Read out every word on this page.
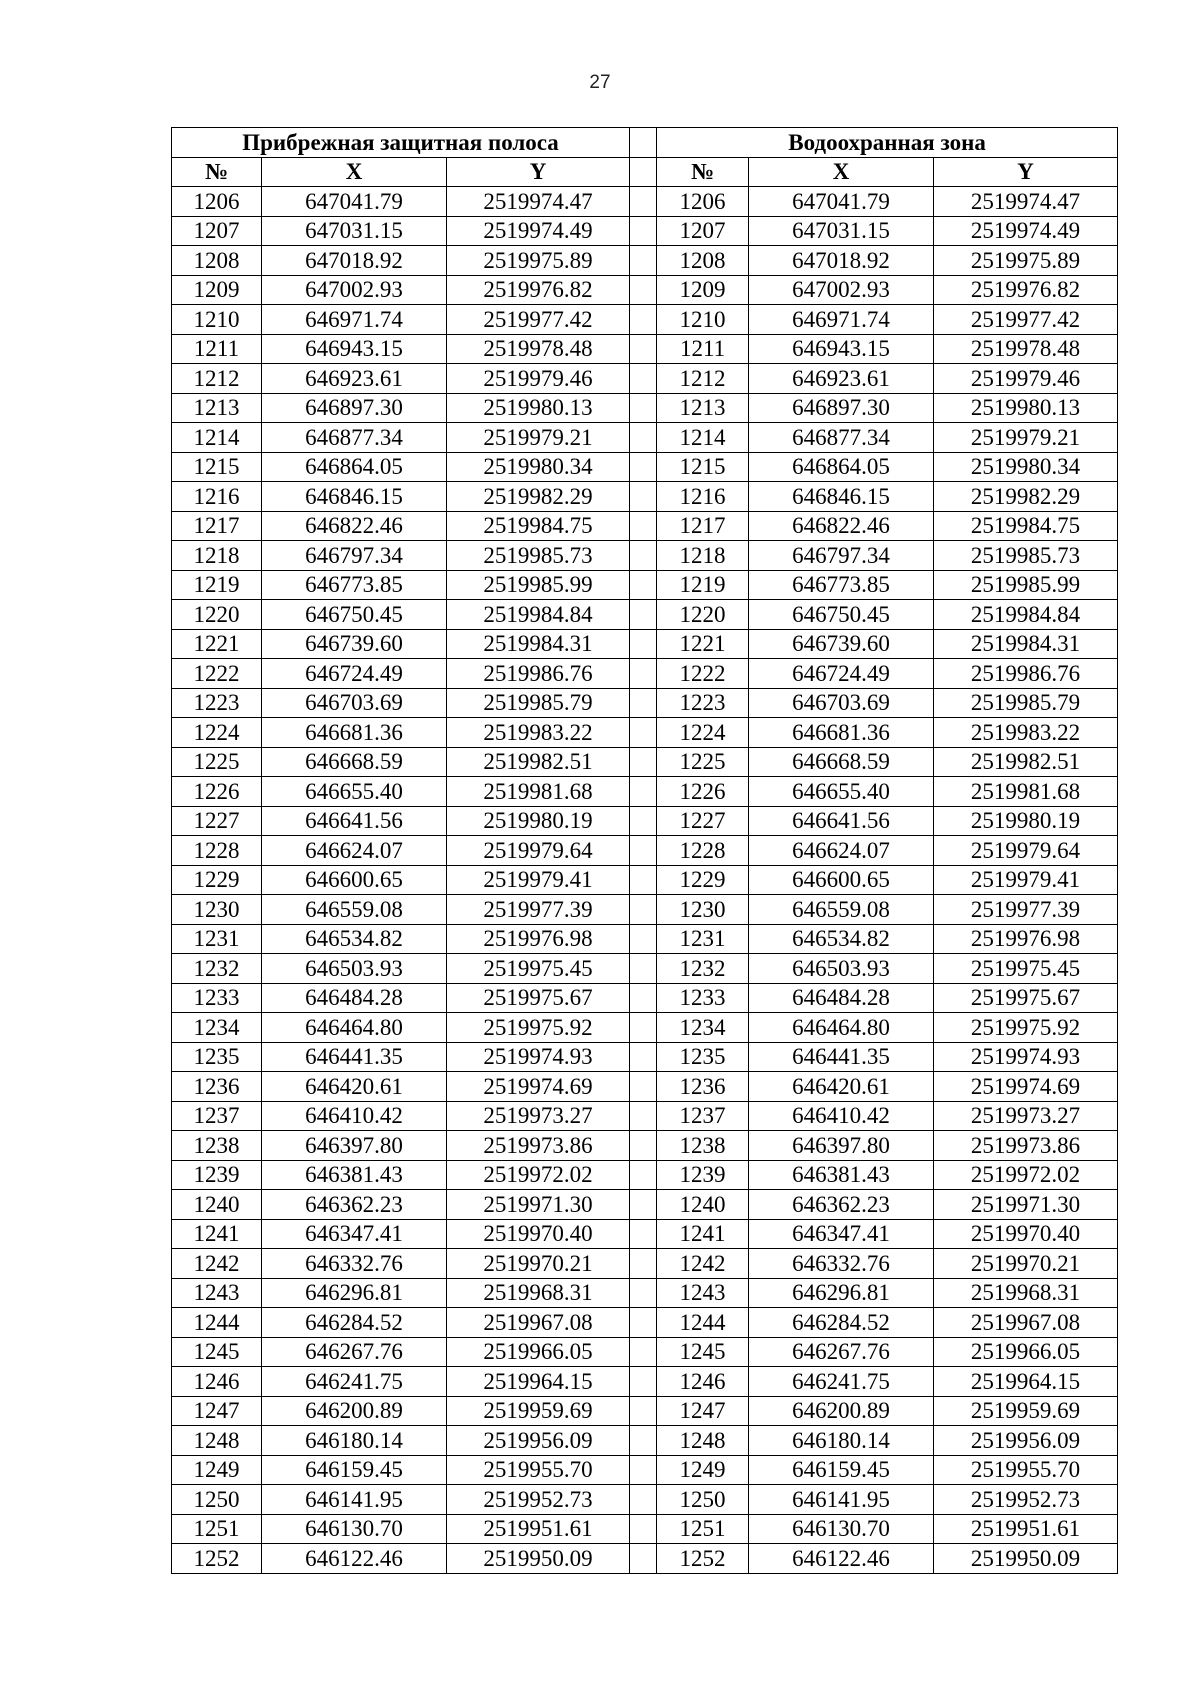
27
Прибрежная защитная полоса				Водоохранная зона		
№	X	Y		№	X	Y
1206	647041.79	2519974.47		1206	647041.79	2519974.47
1207	647031.15	2519974.49		1207	647031.15	2519974.49
1208	647018.92	2519975.89		1208	647018.92	2519975.89
1209	647002.93	2519976.82		1209	647002.93	2519976.82
1210	646971.74	2519977.42		1210	646971.74	2519977.42
1211	646943.15	2519978.48		1211	646943.15	2519978.48
1212	646923.61	2519979.46		1212	646923.61	2519979.46
1213	646897.30	2519980.13		1213	646897.30	2519980.13
1214	646877.34	2519979.21		1214	646877.34	2519979.21
1215	646864.05	2519980.34		1215	646864.05	2519980.34
1216	646846.15	2519982.29		1216	646846.15	2519982.29
1217	646822.46	2519984.75		1217	646822.46	2519984.75
1218	646797.34	2519985.73		1218	646797.34	2519985.73
1219	646773.85	2519985.99		1219	646773.85	2519985.99
1220	646750.45	2519984.84		1220	646750.45	2519984.84
1221	646739.60	2519984.31		1221	646739.60	2519984.31
1222	646724.49	2519986.76		1222	646724.49	2519986.76
1223	646703.69	2519985.79		1223	646703.69	2519985.79
1224	646681.36	2519983.22		1224	646681.36	2519983.22
1225	646668.59	2519982.51		1225	646668.59	2519982.51
1226	646655.40	2519981.68		1226	646655.40	2519981.68
1227	646641.56	2519980.19		1227	646641.56	2519980.19
1228	646624.07	2519979.64		1228	646624.07	2519979.64
1229	646600.65	2519979.41		1229	646600.65	2519979.41
1230	646559.08	2519977.39		1230	646559.08	2519977.39
1231	646534.82	2519976.98		1231	646534.82	2519976.98
1232	646503.93	2519975.45		1232	646503.93	2519975.45
1233	646484.28	2519975.67		1233	646484.28	2519975.67
1234	646464.80	2519975.92		1234	646464.80	2519975.92
1235	646441.35	2519974.93		1235	646441.35	2519974.93
1236	646420.61	2519974.69		1236	646420.61	2519974.69
1237	646410.42	2519973.27		1237	646410.42	2519973.27
1238	646397.80	2519973.86		1238	646397.80	2519973.86
1239	646381.43	2519972.02		1239	646381.43	2519972.02
1240	646362.23	2519971.30		1240	646362.23	2519971.30
1241	646347.41	2519970.40		1241	646347.41	2519970.40
1242	646332.76	2519970.21		1242	646332.76	2519970.21
1243	646296.81	2519968.31		1243	646296.81	2519968.31
1244	646284.52	2519967.08		1244	646284.52	2519967.08
1245	646267.76	2519966.05		1245	646267.76	2519966.05
1246	646241.75	2519964.15		1246	646241.75	2519964.15
1247	646200.89	2519959.69		1247	646200.89	2519959.69
1248	646180.14	2519956.09		1248	646180.14	2519956.09
1249	646159.45	2519955.70		1249	646159.45	2519955.70
1250	646141.95	2519952.73		1250	646141.95	2519952.73
1251	646130.70	2519951.61		1251	646130.70	2519951.61
1252	646122.46	2519950.09		1252	646122.46	2519950.09
